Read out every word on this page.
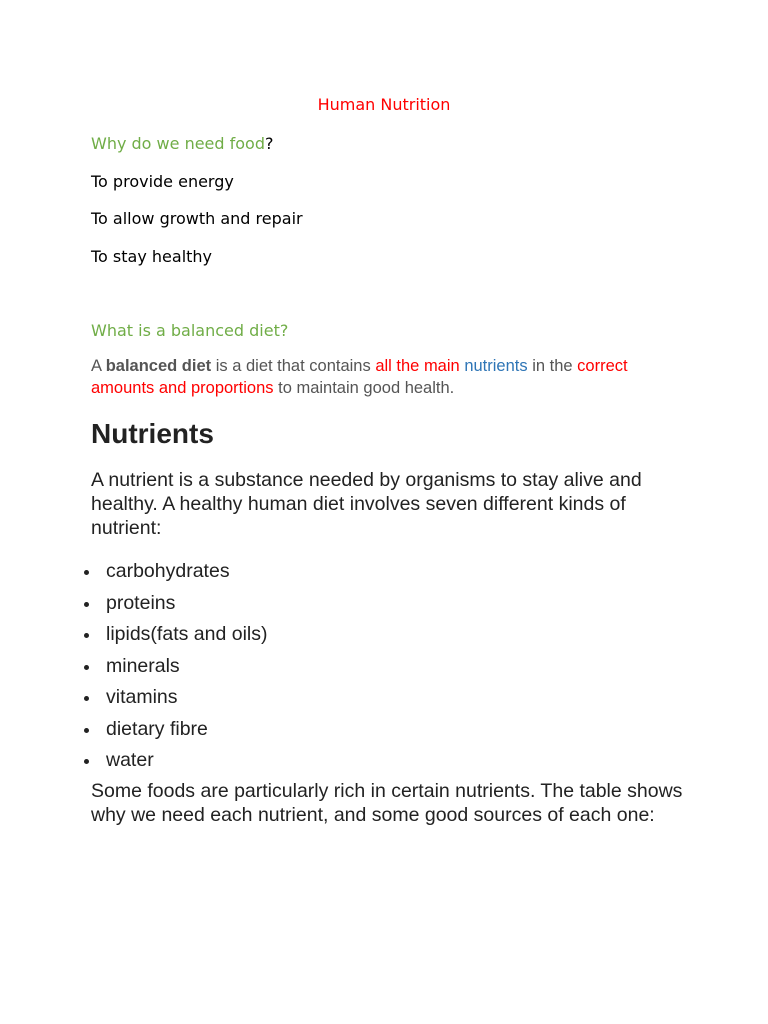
Human Nutrition
Why do we need food?
To provide energy
To allow growth and repair
To stay healthy
What is a balanced diet?

A balanced diet is a diet that contains all the main nutrients in the correct amounts and proportions to maintain good health.

Nutrients

A nutrient is a substance needed by organisms to stay alive and healthy. A healthy human diet involves seven different kinds of nutrient:

carbohydrates
proteins
lipids(fats and oils)
minerals
vitamins
dietary fibre
water

Some foods are particularly rich in certain nutrients. The table shows why we need each nutrient, and some good sources of each one:
